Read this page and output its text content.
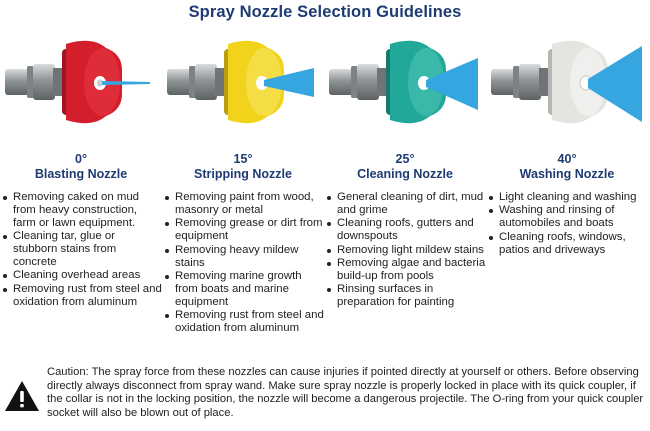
Spray Nozzle Selection Guidelines
0°
Blasting Nozzle
Removing caked on mud from heavy construction, farm or lawn equipment.
Cleaning tar, glue or stubborn stains from concrete
Cleaning overhead areas
Removing rust from steel and oxidation from aluminum
15°
Stripping Nozzle
Removing paint from wood, masonry or metal
Removing grease or dirt from equipment
Removing heavy mildew stains
Removing marine growth from boats and marine equipment
Removing rust from steel and oxidation from aluminum
25°
Cleaning Nozzle
General cleaning of dirt, mud and grime
Cleaning roofs, gutters and downspouts
Removing light mildew stains
Removing algae and bacteria build-up from pools
Rinsing surfaces in preparation for painting
40°
Washing Nozzle
Light cleaning and washing
Washing and rinsing of automobiles and boats
Cleaning roofs, windows, patios and driveways
Caution: The spray force from these nozzles can cause injuries if pointed directly at yourself or others. Before observing directly always disconnect from spray wand. Make sure spray nozzle is properly locked in place with its quick coupler, if the collar is not in the locking position, the nozzle will become a dangerous projectile. The O-ring from your quick coupler socket will also be blown out of place.
